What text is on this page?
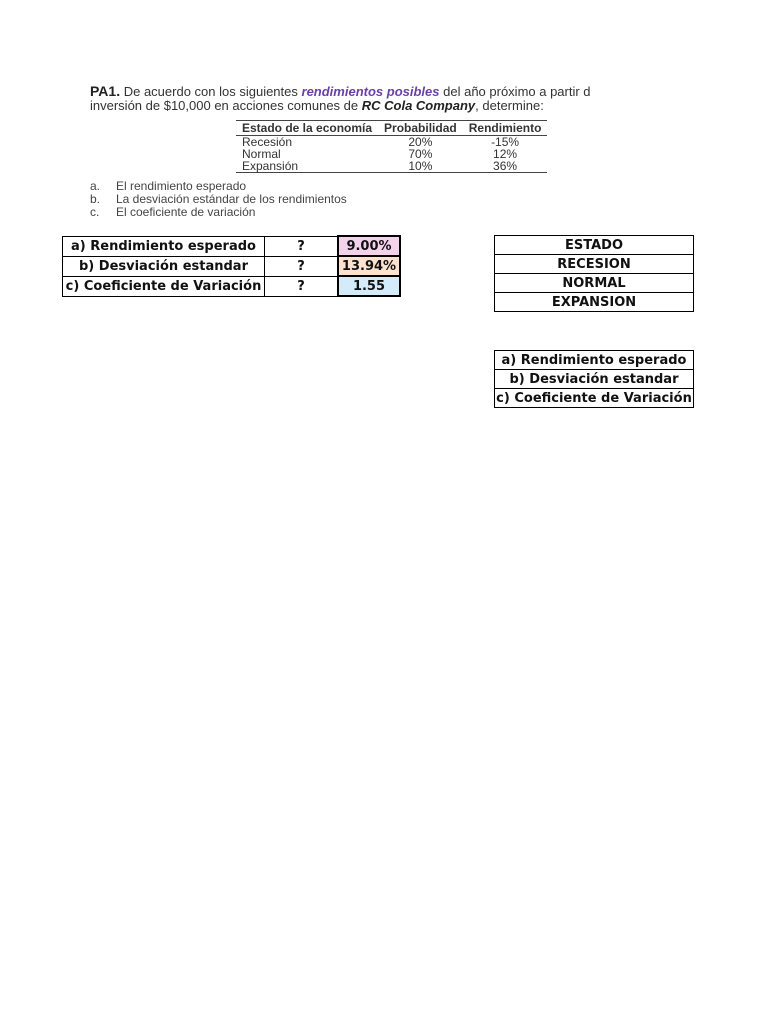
PA1. De acuerdo con los siguientes rendimientos posibles del año próximo a partir d

inversión de $10,000 en acciones comunes de RC Cola Company, determine:

Estado de la economía	Probabilidad	Rendimiento
Recesión	20%	-15%
Normal	70%	12%
Expansión	10%	36%
a. El rendimiento esperado
b. La desviación estándar de los rendimientos
c. El coeficiente de variación
a) Rendimiento esperado	?	9.00%
b) Desviación estandar	?	13.94%
c) Coeficiente de Variación	?	1.55
ESTADO
RECESION
NORMAL
EXPANSION
a) Rendimiento esperado
b) Desviación estandar
c) Coeficiente de Variación
